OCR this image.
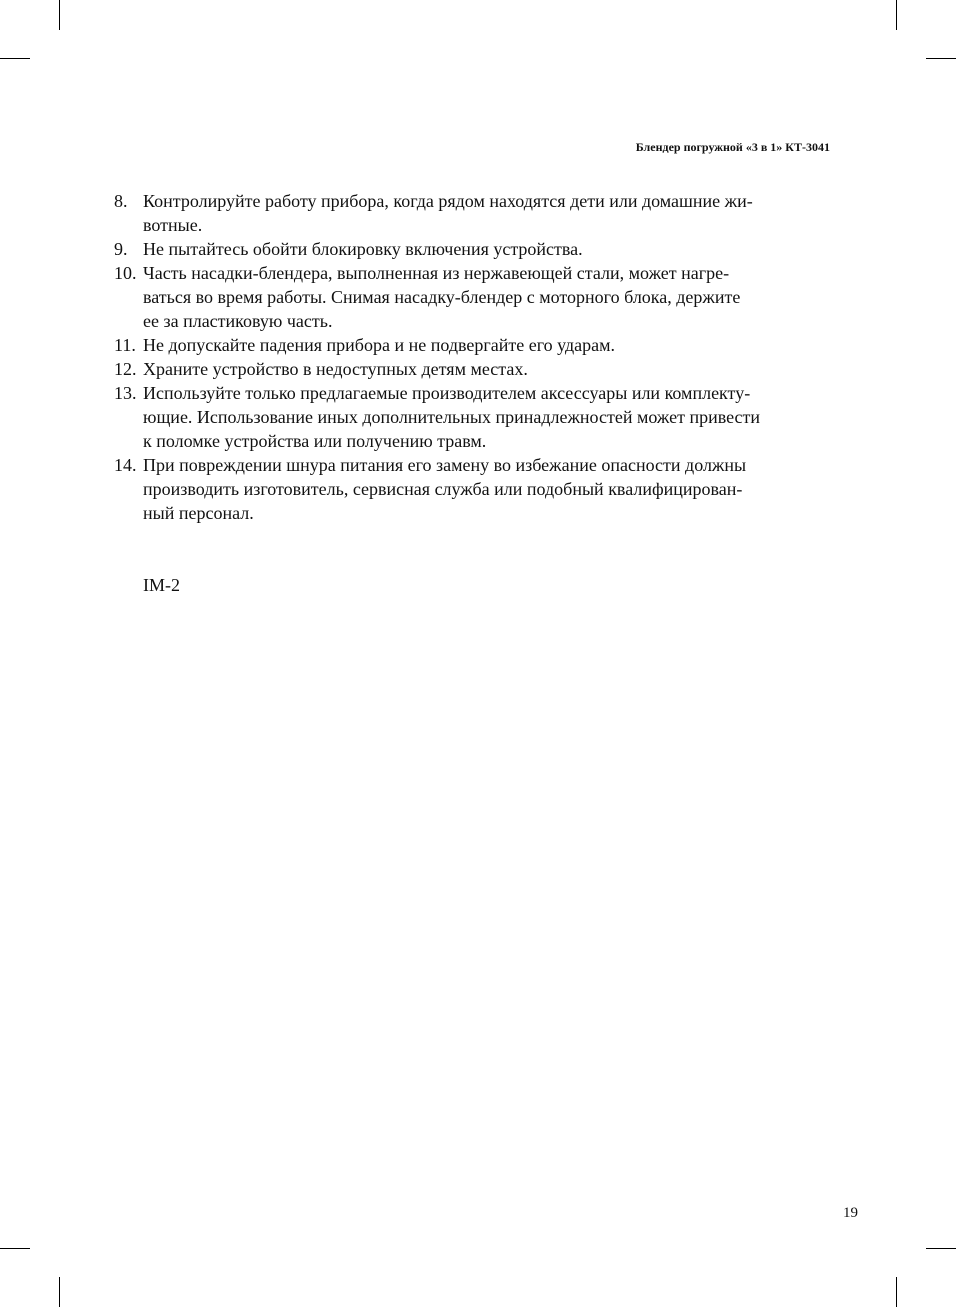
Блендер погружной «3 в 1» КТ-3041
8. Контролируйте работу прибора, когда рядом находятся дети или домашние жи-
вотные.
9. Не пытайтесь обойти блокировку включения устройства.
10. Часть насадки-блендера, выполненная из нержавеющей стали, может нагре-
ваться во время работы. Снимая насадку-блендер с моторного блока, держите
ее за пластиковую часть.
11. Не допускайте падения прибора и не подвергайте его ударам.
12. Храните устройство в недоступных детям местах.
13. Используйте только предлагаемые производителем аксессуары или комплекту-
ющие. Использование иных дополнительных принадлежностей может привести
к поломке устройства или получению травм.
14. При повреждении шнура питания его замену во избежание опасности должны
производить изготовитель, сервисная служба или подобный квалифицирован-
ный персонал.
IM-2
19
